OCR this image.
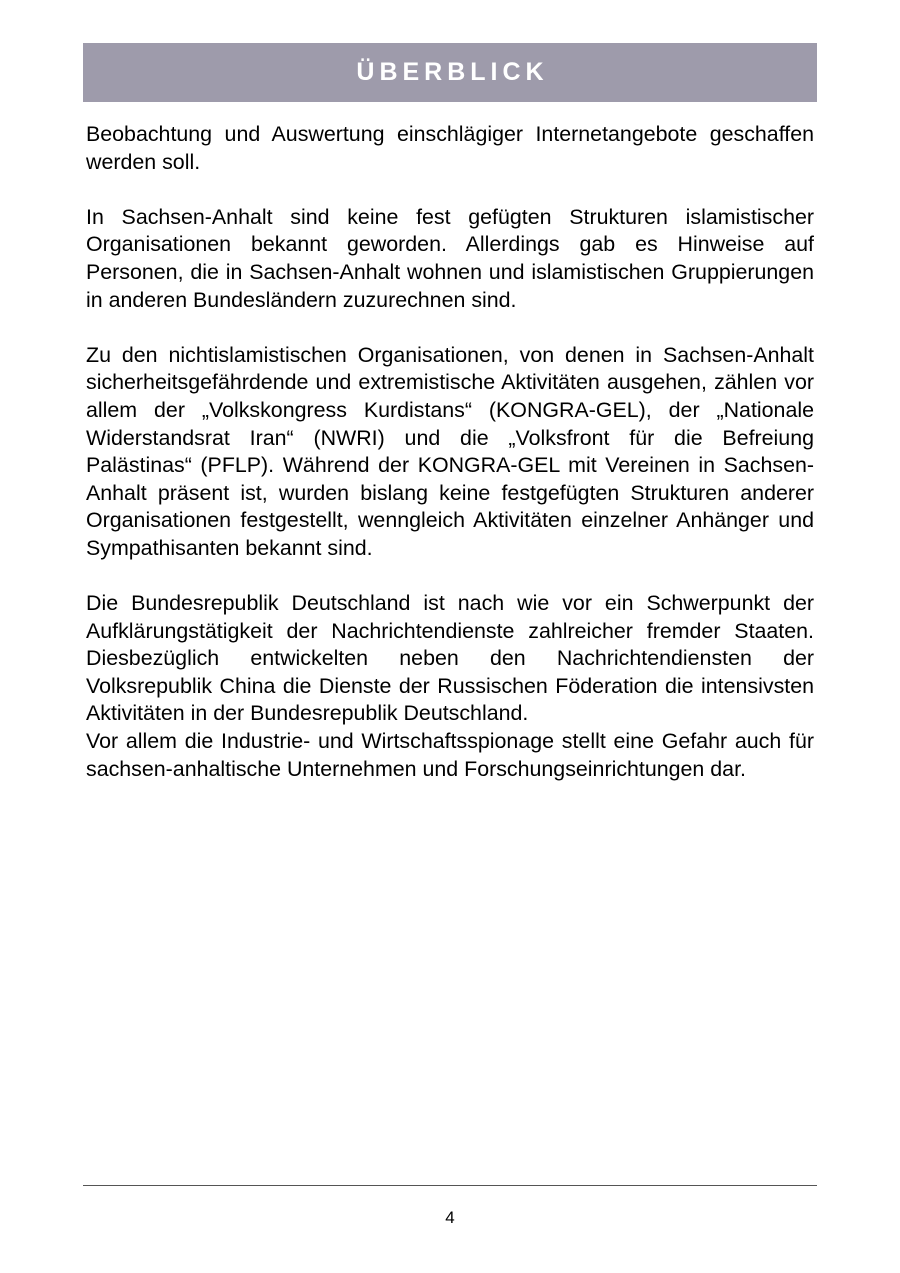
ÜBERBLICK

Beobachtung und Auswertung einschlägiger Internetangebote geschaffen werden soll.

In Sachsen-Anhalt sind keine fest gefügten Strukturen islamistischer Organisationen bekannt geworden. Allerdings gab es Hinweise auf Personen, die in Sachsen-Anhalt wohnen und islamistischen Gruppierungen in anderen Bundesländern zuzurechnen sind.

Zu den nichtislamistischen Organisationen, von denen in Sachsen-Anhalt sicherheitsgefährdende und extremistische Aktivitäten ausgehen, zählen vor allem der „Volkskongress Kurdistans“ (KONGRA-GEL), der „Nationale Widerstandsrat Iran“ (NWRI) und die „Volksfront für die Befreiung Palästinas“ (PFLP). Während der KONGRA-GEL mit Vereinen in Sachsen-Anhalt präsent ist, wurden bislang keine festgefügten Strukturen anderer Organisationen festgestellt, wenngleich Aktivitäten einzelner Anhänger und Sympathisanten bekannt sind.

Die Bundesrepublik Deutschland ist nach wie vor ein Schwerpunkt der Aufklärungstätigkeit der Nachrichtendienste zahlreicher fremder Staaten. Diesbezüglich entwickelten neben den Nachrichtendiensten der Volksrepublik China die Dienste der Russischen Föderation die intensivsten Aktivitäten in der Bundesrepublik Deutschland.

Vor allem die Industrie- und Wirtschaftsspionage stellt eine Gefahr auch für sachsen-anhaltische Unternehmen und Forschungseinrichtungen dar.

4
